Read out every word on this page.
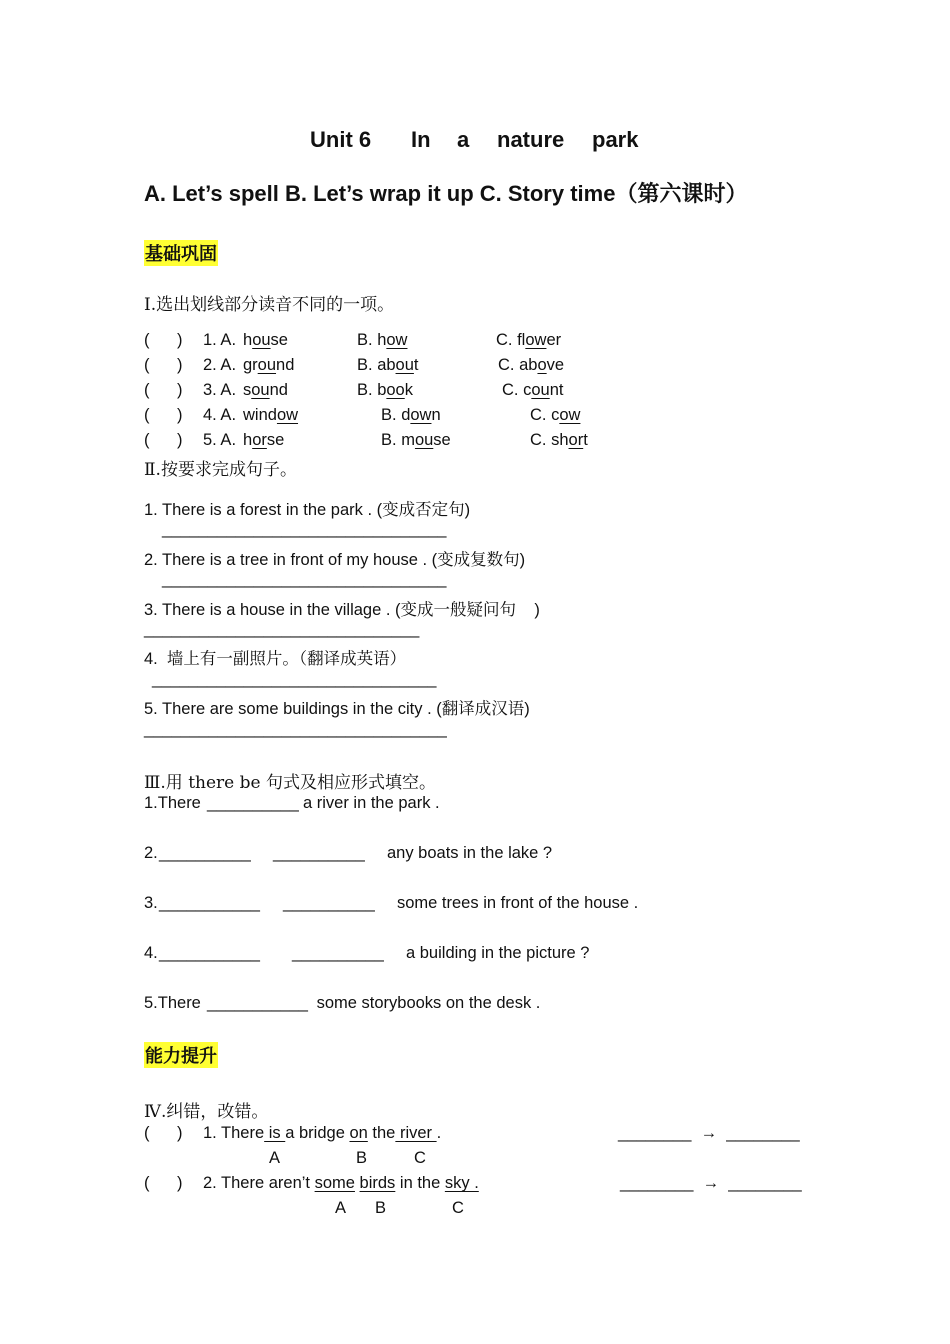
Unit 6 In a nature park
A. Let’s spell B. Let’s wrap it up C. Story time（第六课时）
基础巩固
Ⅰ.选出划线部分读音不同的一项。
(      ) 1. A. house	B. how	C. flower
(      ) 2. A. ground	B. about	C. above
(      ) 3. A. sound	B. book	C. count
(      ) 4. A. window	B. down	C. cow
(      ) 5. A. horse	B. mouse	C. short
Ⅱ.按要求完成句子。
1. There is a forest in the park . (变成否定句)
_______________________________
2. There is a tree in front of my house . (变成复数句)
_______________________________
3. There is a house in the village . (变成一般疑问句    )
______________________________
4.  墙上有一副照片。（翻译成英语）
_______________________________
5. There are some buildings in the city . (翻译成汉语)
_________________________________
Ⅲ.用 there be 句式及相应形式填空。
1.There __________ a river in the park .
2. __________ __________ any boats in the lake ?
3. ___________ __________ some trees in front of the house .
4. ___________ __________ a building in the picture ?
5.There ___________ some storybooks on the desk .
能力提升
Ⅳ.纠错，改错。
(      ) 1. There is a bridge on the river .	________  →  ________
A	B	C
(      ) 2. There aren’t some birds in the sky .	________  →  ________
A B	C
